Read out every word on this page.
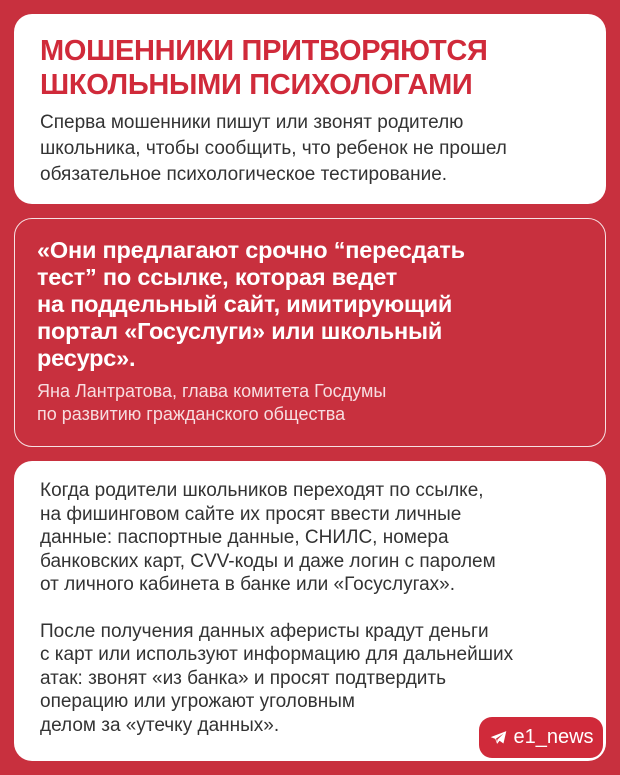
МОШЕННИКИ ПРИТВОРЯЮТСЯ
ШКОЛЬНЫМИ ПСИХОЛОГАМИ
Сперва мошенники пишут или звонят родителю
школьника, чтобы сообщить, что ребенок не прошел
обязательное психологическое тестирование.
«Они предлагают срочно “пересдать
тест” по ссылке, которая ведет
на поддельный сайт, имитирующий
портал «Госуслуги» или школьный
ресурс».
Яна Лантратова, глава комитета Госдумы
по развитию гражданского общества
Когда родители школьников переходят по ссылке,
на фишинговом сайте их просят ввести личные
данные: паспортные данные, СНИЛС, номера
банковских карт, CVV-коды и даже логин с паролем
от личного кабинета в банке или «Госуслугах».
После получения данных аферисты крадут деньги
с карт или используют информацию для дальнейших
атак: звонят «из банка» и просят подтвердить
операцию или угрожают уголовным
делом за «утечку данных».
e1_news
